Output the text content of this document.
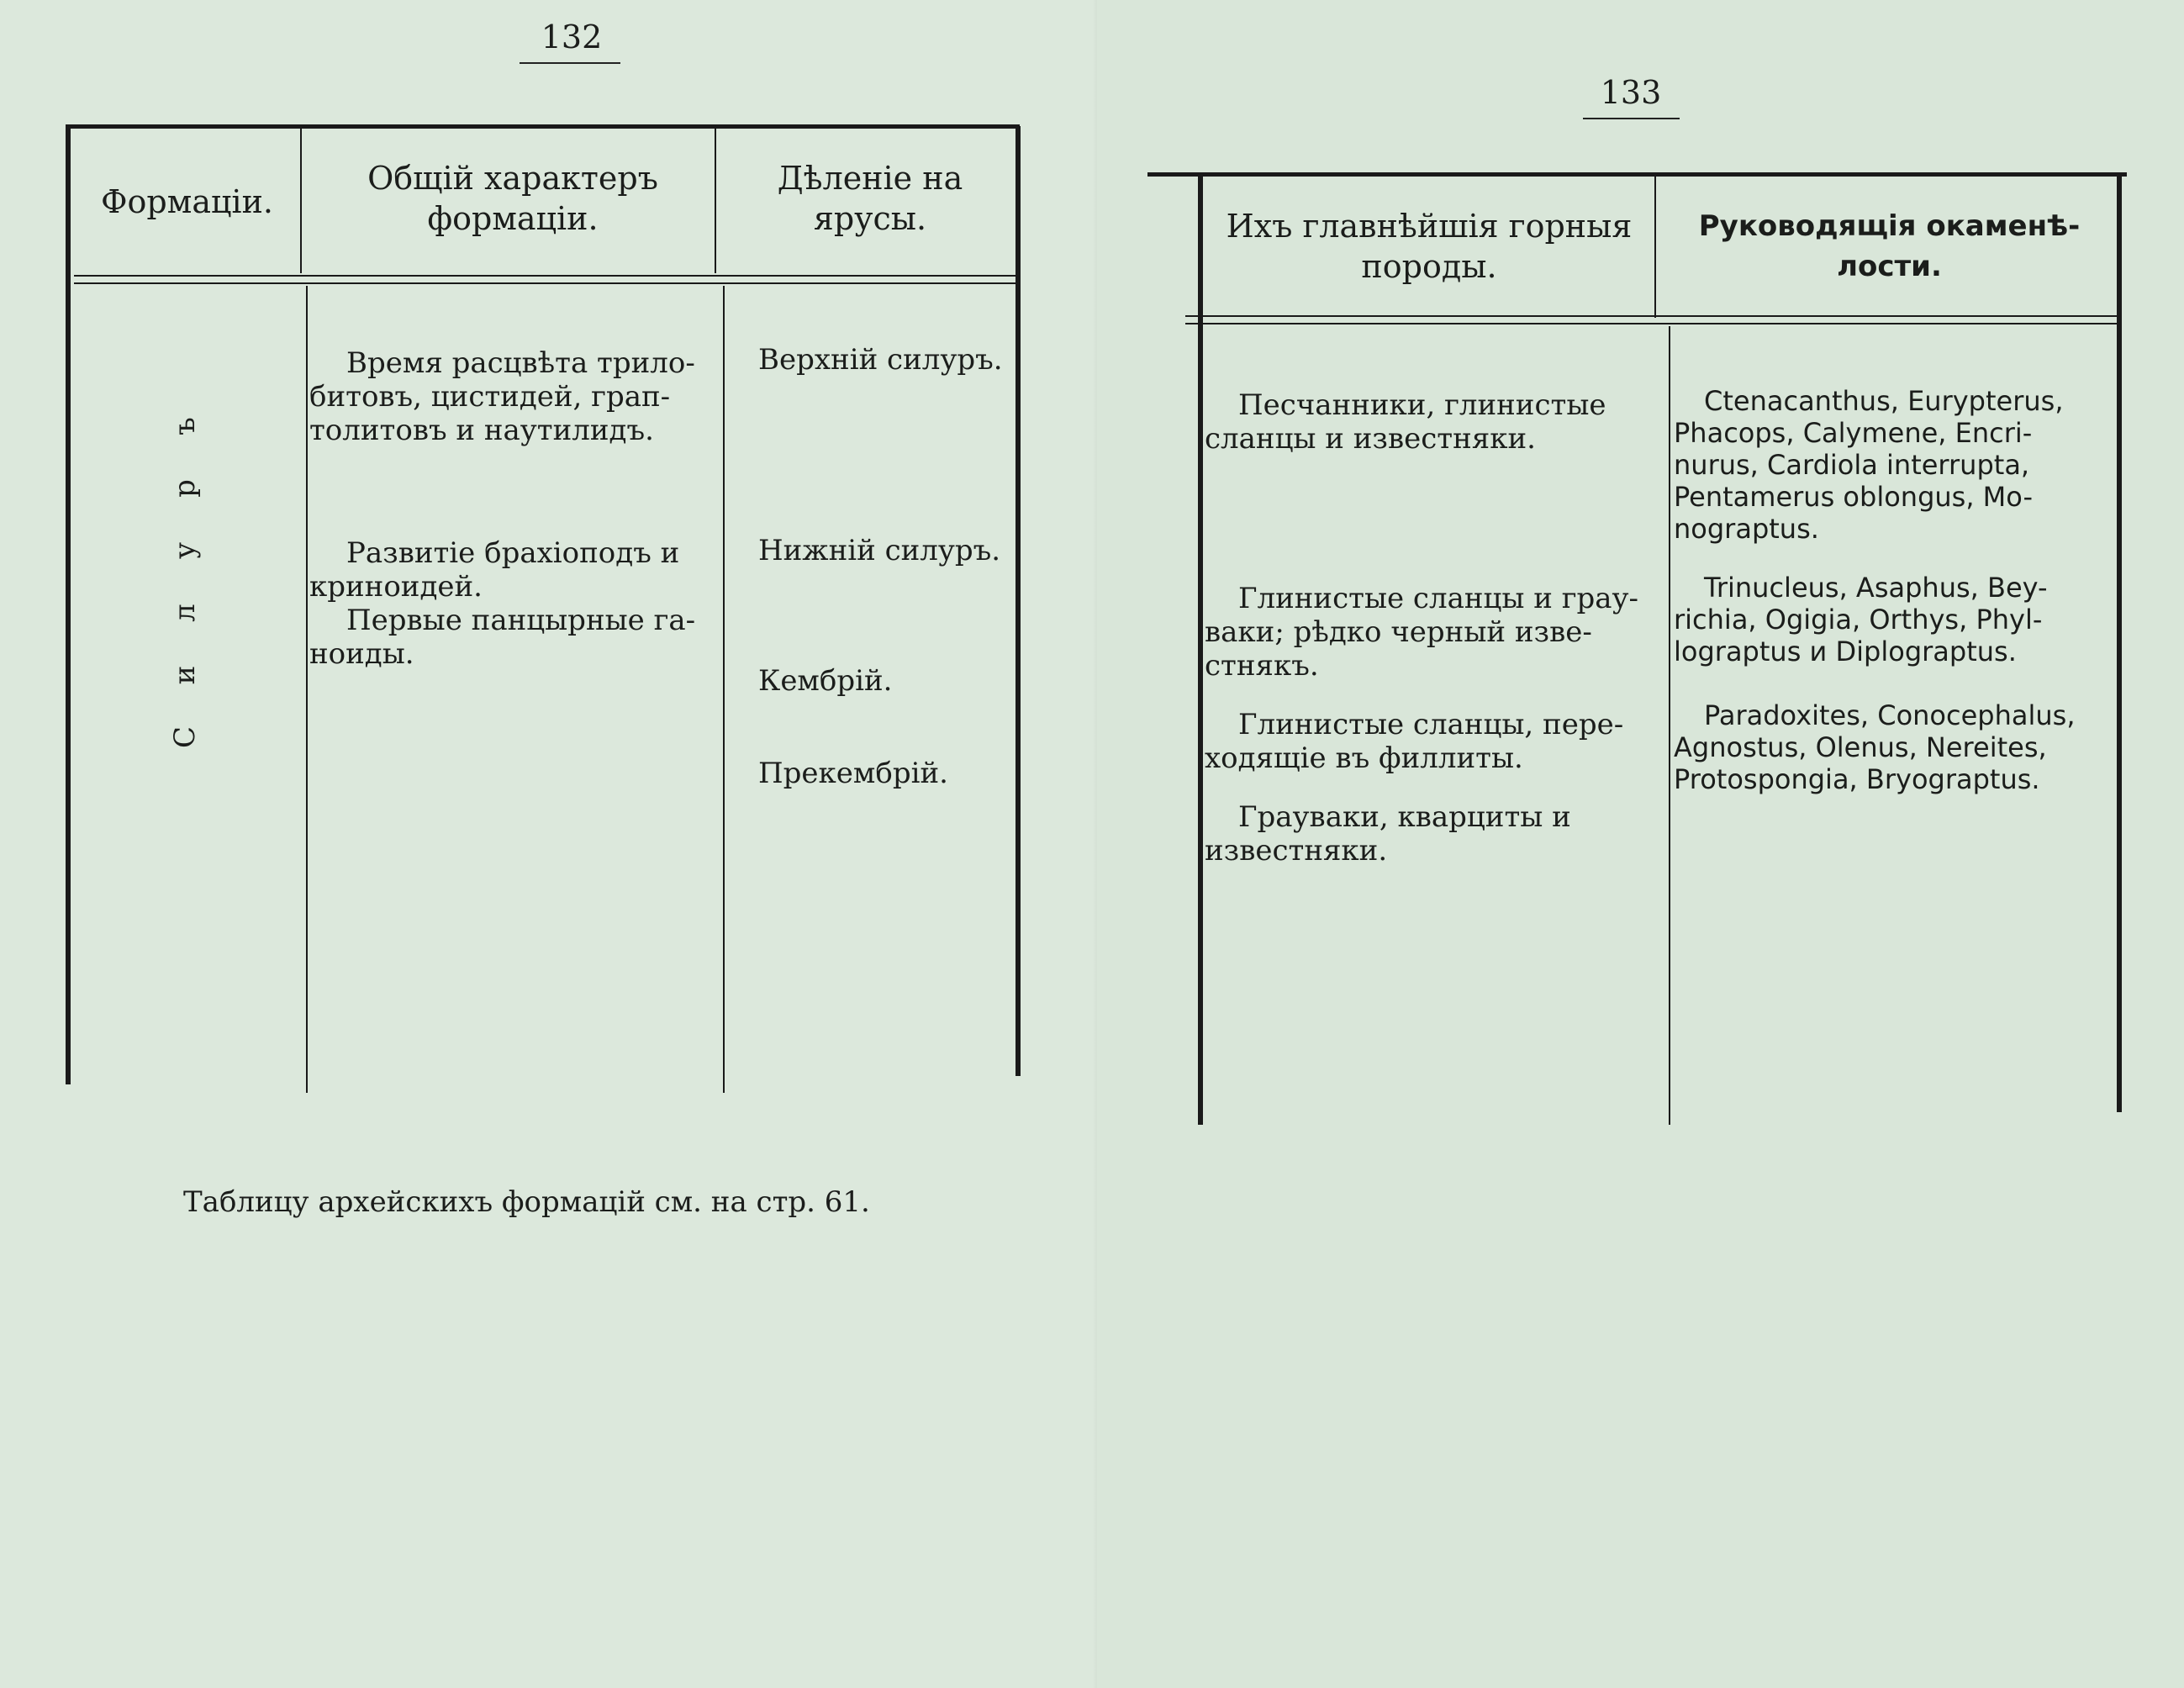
132
Формаціи.
Общій характеръ формаціи.
Дѣленіе на ярусы.
ъ
р
у
л
и
С
Время расцвѣта трило-
битовъ, цистидей, грап-
толитовъ и наутилидъ.
Развитіе брахіоподъ и
криноидей.
Первые панцырные га-
ноиды.
Верхній силуръ.
Нижній силуръ.
Кембрій.
Прекембрій.
Таблицу архейскихъ формацій см. на стр. 61.
133
Ихъ главнѣйшія горныя породы.
Руководящія окаменѣ-лости.
Песчанники, глинистые
сланцы и известняки.
Глинистые сланцы и грау-
ваки; рѣдко черный изве-
стнякъ.
Глинистые сланцы, пере-
ходящіе въ филлиты.
Грауваки, кварциты и
известняки.
Ctenacanthus, Eurypterus,
Phacops, Calymene, Encri-
nurus, Cardiola interrupta,
Pentamerus oblongus, Mo-
nograptus.
Trinucleus, Asaphus, Bey-
richia, Ogigia, Orthys, Phyl-
lograptus и Diplograptus.
Paradoxites, Conocephalus,
Agnostus, Olenus, Nereites,
Protospongia, Bryograptus.
